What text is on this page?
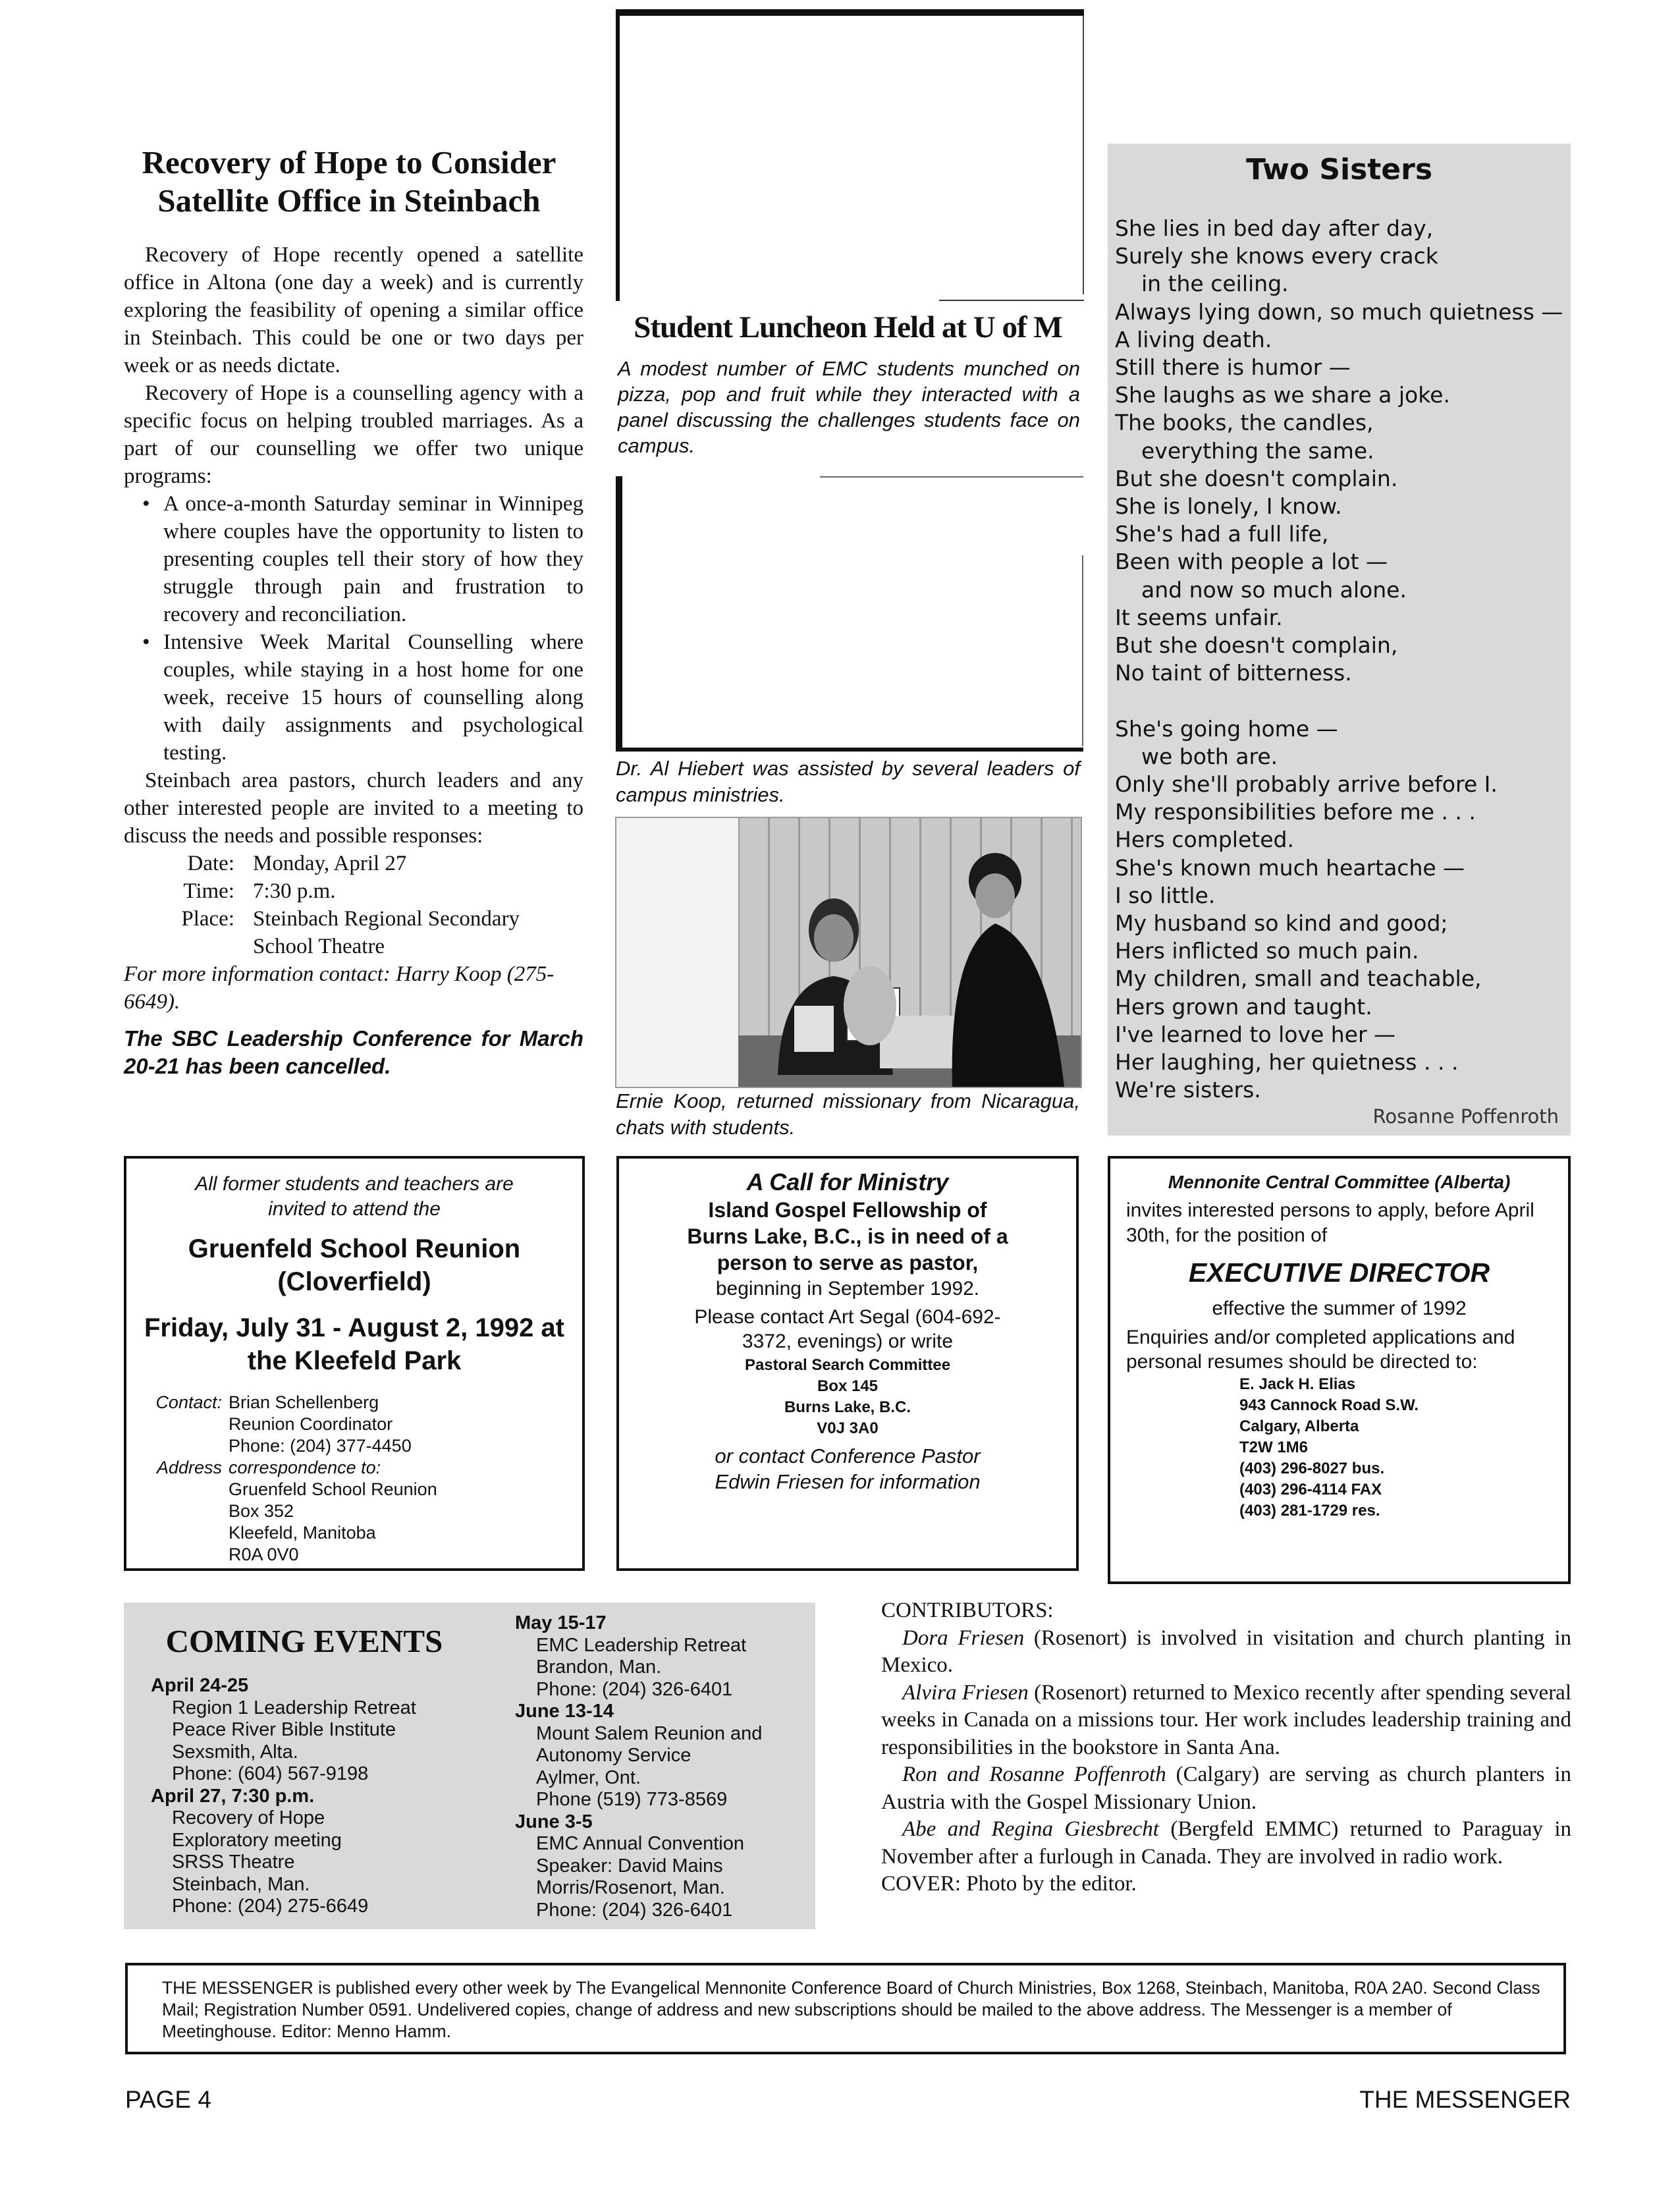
Recovery of Hope to Consider Satellite Office in Steinbach

Recovery of Hope recently opened a satellite office in Altona (one day a week) and is currently exploring the feasibility of opening a similar office in Steinbach. This could be one or two days per week or as needs dictate.

Recovery of Hope is a counselling agency with a specific focus on helping troubled marriages. As a part of our counselling we offer two unique programs:

• A once-a-month Saturday seminar in Winnipeg where couples have the opportunity to listen to presenting couples tell their story of how they struggle through pain and frustration to recovery and reconciliation.
• Intensive Week Marital Counselling where couples, while staying in a host home for one week, receive 15 hours of counselling along with daily assignments and psychological testing.

Steinbach area pastors, church leaders and any other interested people are invited to a meeting to discuss the needs and possible responses:

Date: Monday, April 27
Time: 7:30 p.m.
Place: Steinbach Regional Secondary School Theatre

For more information contact: Harry Koop (275-6649).

The SBC Leadership Conference for March 20-21 has been cancelled.

Student Luncheon Held at U of M
A modest number of EMC students munched on pizza, pop and fruit while they interacted with a panel discussing the challenges students face on campus.
Dr. Al Hiebert was assisted by several leaders of campus ministries.
Ernie Koop, returned missionary from Nicaragua, chats with students.
Two Sisters
She lies in bed day after day,
Surely she knows every crack
in the ceiling.
Always lying down, so much quietness —
A living death.
Still there is humor —
She laughs as we share a joke.
The books, the candles,
everything the same.
But she doesn't complain.
She is lonely, I know.
She's had a full life,
Been with people a lot —
and now so much alone.
It seems unfair.
But she doesn't complain,
No taint of bitterness.

She's going home —
we both are.
Only she'll probably arrive before I.
My responsibilities before me . . .
Hers completed.
She's known much heartache —
I so little.
My husband so kind and good;
Hers inflicted so much pain.
My children, small and teachable,
Hers grown and taught.
I've learned to love her —
Her laughing, her quietness . . .
We're sisters.
Rosanne Poffenroth
All former students and teachers are invited to attend the
Gruenfeld School Reunion (Cloverfield)
Friday, July 31 - August 2, 1992 at the Kleefeld Park
Contact: Brian Schellenberg
Reunion Coordinator
Phone: (204) 377-4450
Address correspondence to:
Gruenfeld School Reunion
Box 352
Kleefeld, Manitoba
R0A 0V0
A Call for Ministry
Island Gospel Fellowship of Burns Lake, B.C., is in need of a person to serve as pastor,
beginning in September 1992.
Please contact Art Segal (604-692-3372, evenings) or write
Pastoral Search Committee
Box 145
Burns Lake, B.C.
V0J 3A0
or contact Conference Pastor Edwin Friesen for information
Mennonite Central Committee (Alberta)
invites interested persons to apply, before April 30th, for the position of
EXECUTIVE DIRECTOR
effective the summer of 1992
Enquiries and/or completed applications and personal resumes should be directed to:
E. Jack H. Elias
943 Cannock Road S.W.
Calgary, Alberta
T2W 1M6
(403) 296-8027 bus.
(403) 296-4114 FAX
(403) 281-1729 res.
COMING EVENTS
April 24-25
Region 1 Leadership Retreat
Peace River Bible Institute
Sexsmith, Alta.
Phone: (604) 567-9198
April 27, 7:30 p.m.
Recovery of Hope
Exploratory meeting
SRSS Theatre
Steinbach, Man.
Phone: (204) 275-6649
May 15-17
EMC Leadership Retreat
Brandon, Man.
Phone: (204) 326-6401
June 13-14
Mount Salem Reunion and
Autonomy Service
Aylmer, Ont.
Phone (519) 773-8569
June 3-5
EMC Annual Convention
Speaker: David Mains
Morris/Rosenort, Man.
Phone: (204) 326-6401
CONTRIBUTORS:

Dora Friesen (Rosenort) is involved in visitation and church planting in Mexico.

Alvira Friesen (Rosenort) returned to Mexico recently after spending several weeks in Canada on a missions tour. Her work includes leadership training and responsibilities in the bookstore in Santa Ana.

Ron and Rosanne Poffenroth (Calgary) are serving as church planters in Austria with the Gospel Missionary Union.

Abe and Regina Giesbrecht (Bergfeld EMMC) returned to Paraguay in November after a furlough in Canada. They are involved in radio work.

COVER: Photo by the editor.
THE MESSENGER is published every other week by The Evangelical Mennonite Conference Board of Church Ministries, Box 1268, Steinbach, Manitoba, R0A 2A0. Second Class Mail; Registration Number 0591. Undelivered copies, change of address and new subscriptions should be mailed to the above address. The Messenger is a member of Meetinghouse. Editor: Menno Hamm.
PAGE 4	THE MESSENGER
